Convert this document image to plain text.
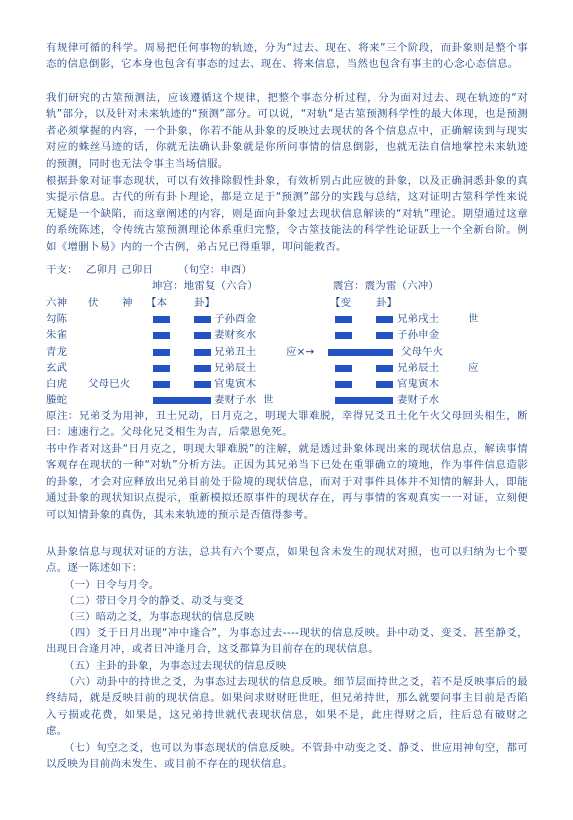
有规律可循的科学。周易把任何事物的轨迹，分为“过去、现在、将来”三个阶段，而卦象则是整个事态的信息倒影，它本身也包含有事态的过去、现在、将来信息，当然也包含有事主的心念心态信息。

我们研究的古筮预测法，应该遵循这个规律，把整个事态分析过程，分为面对过去、现在轨迹的“对轨”部分，以及针对未来轨迹的“预测”部分。可以说，“对轨”是古筮预测科学性的最大体现，也是预测者必须掌握的内容，一个卦象，你若不能从卦象的反映过去现状的各个信息点中，正确解读到与现实对应的蛛丝马迹的话，你就无法确认卦象就是你所问事情的信息倒影，也就无法自信地掌控未来轨迹的预测，同时也无法令事主当场信服。

根据卦象对证事态现状，可以有效排除假性卦象，有效析别占此应彼的卦象，以及正确洞悉卦象的真实提示信息。古代的所有卦卜理论，都是立足于“预测”部分的实践与总结，这对证明古筮科学性来说无疑是一个缺陷，而这章阐述的内容，则是面向卦象过去现状信息解读的“对轨”理论。期望通过这章的系统陈述，令传统古筮预测理论体系重归完整，令古筮技能法的科学性论证跃上一个全新台阶。例如《增删卜易》内的一个古例，弟占兄已得重罪，叩问能救否。

干支： 乙卯月 己卯日 （旬空：申酉）
坤宫：地雷复（六合）	震宫：震为雷（六冲）
六神 伏 神 【本	卦】	【变 卦】
勾陈	子孙酉金	兄弟戌土	世
朱雀	妻财亥水	子孙申金
青龙	兄弟丑土	应×→	父母午火
玄武	兄弟辰土	兄弟辰土	应
白虎 父母巳火	官鬼寅木	官鬼寅木
螣蛇	妻财子水 世	妻财子水

原注：兄弟爻为用神，丑土兄动，日月克之，明现大罪难脱，幸得兄爻丑土化午火父母回头相生，断曰：速速行之。父母化兄爻相生为吉，后蒙恩免死。

书中作者对这卦“日月克之，明现大罪难脱”的注解，就是透过卦象体现出来的现状信息点，解读事情客观存在现状的一种“对轨”分析方法。正因为其兄弟当下已处在重罪确立的境地，作为事件信息造影的卦象，才会对应释放出兄弟目前处于险境的现状信息，而对于对事件具体并不知情的解卦人，即能通过卦象的现状知识点提示，重新模拟还原事件的现状存在，再与事情的客观真实一一对证，立刻便可以知情卦象的真伪，其未来轨迹的预示是否值得参考。

从卦象信息与现状对证的方法，总共有六个要点，如果包含未发生的现状对照，也可以归纳为七个要点。逐一陈述如下：

（一）日令与月令。
（二）带日令月令的静爻、动爻与变爻
（三）暗动之爻，为事态现状的信息反映

（四）爻于日月出现“冲中逢合”，为事态过去----现状的信息反映。卦中动爻、变爻、甚至静爻，出现日合逢月冲，或者日冲逢月合，这爻都算为目前存在的现状信息。

（五）主卦的卦象，为事态过去现状的信息反映

（六）动卦中的持世之爻，为事态过去现状的信息反映。细节层面持世之爻，若不是反映事后的最终结局，就是反映目前的现状信息。如果问求财财旺世旺，但兄弟持世，那么就要问事主目前是否陷入亏损或花费，如果是，这兄弟持世就代表现状信息，如果不是，此庄得财之后，往后总有破财之虑。

（七）旬空之爻，也可以为事态现状的信息反映。不管卦中动变之爻、静爻、世应用神旬空，都可以反映为目前尚未发生、或目前不存在的现状信息。
